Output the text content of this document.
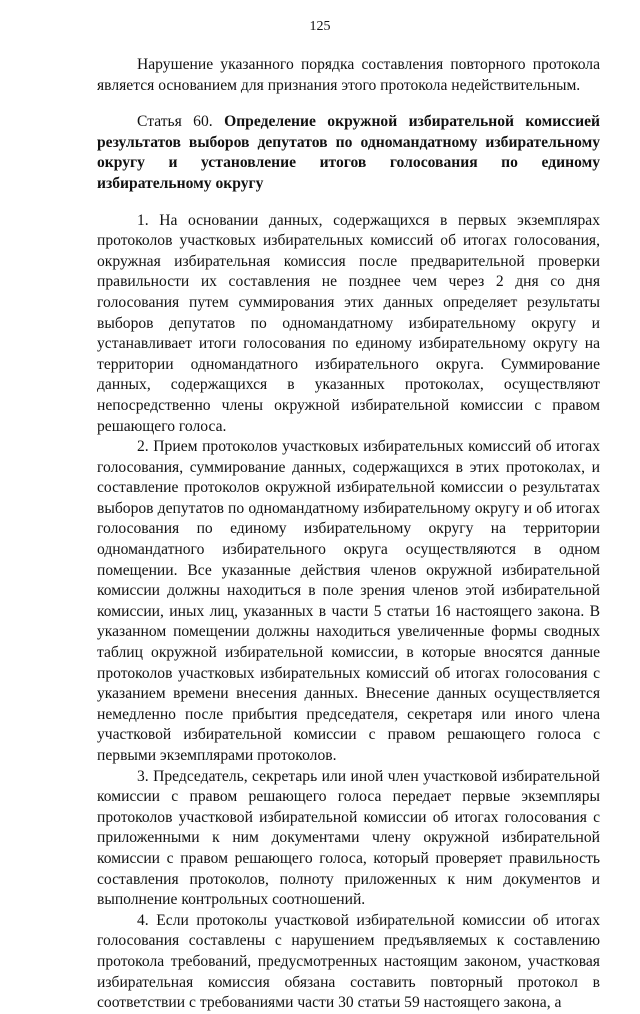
125

Нарушение указанного порядка составления повторного протокола является основанием для признания этого протокола недействительным.

Статья 60. Определение окружной избирательной комиссией результатов выборов депутатов по одномандатному избирательному округу и установление итогов голосования по единому избирательному округу

1. На основании данных, содержащихся в первых экземплярах протоколов участковых избирательных комиссий об итогах голосования, окружная избирательная комиссия после предварительной проверки правильности их составления не позднее чем через 2 дня со дня голосования путем суммирования этих данных определяет результаты выборов депутатов по одномандатному избирательному округу и устанавливает итоги голосования по единому избирательному округу на территории одномандатного избирательного округа. Суммирование данных, содержащихся в указанных протоколах, осуществляют непосредственно члены окружной избирательной комиссии с правом решающего голоса.

2. Прием протоколов участковых избирательных комиссий об итогах голосования, суммирование данных, содержащихся в этих протоколах, и составление протоколов окружной избирательной комиссии о результатах выборов депутатов по одномандатному избирательному округу и об итогах голосования по единому избирательному округу на территории одномандатного избирательного округа осуществляются в одном помещении. Все указанные действия членов окружной избирательной комиссии должны находиться в поле зрения членов этой избирательной комиссии, иных лиц, указанных в части 5 статьи 16 настоящего закона. В указанном помещении должны находиться увеличенные формы сводных таблиц окружной избирательной комиссии, в которые вносятся данные протоколов участковых избирательных комиссий об итогах голосования с указанием времени внесения данных. Внесение данных осуществляется немедленно после прибытия председателя, секретаря или иного члена участковой избирательной комиссии с правом решающего голоса с первыми экземплярами протоколов.

3. Председатель, секретарь или иной член участковой избирательной комиссии с правом решающего голоса передает первые экземпляры протоколов участковой избирательной комиссии об итогах голосования с приложенными к ним документами члену окружной избирательной комиссии с правом решающего голоса, который проверяет правильность составления протоколов, полноту приложенных к ним документов и выполнение контрольных соотношений.

4. Если протоколы участковой избирательной комиссии об итогах голосования составлены с нарушением предъявляемых к составлению протокола требований, предусмотренных настоящим законом, участковая избирательная комиссия обязана составить повторный протокол в соответствии с требованиями части 30 статьи 59 настоящего закона, а
